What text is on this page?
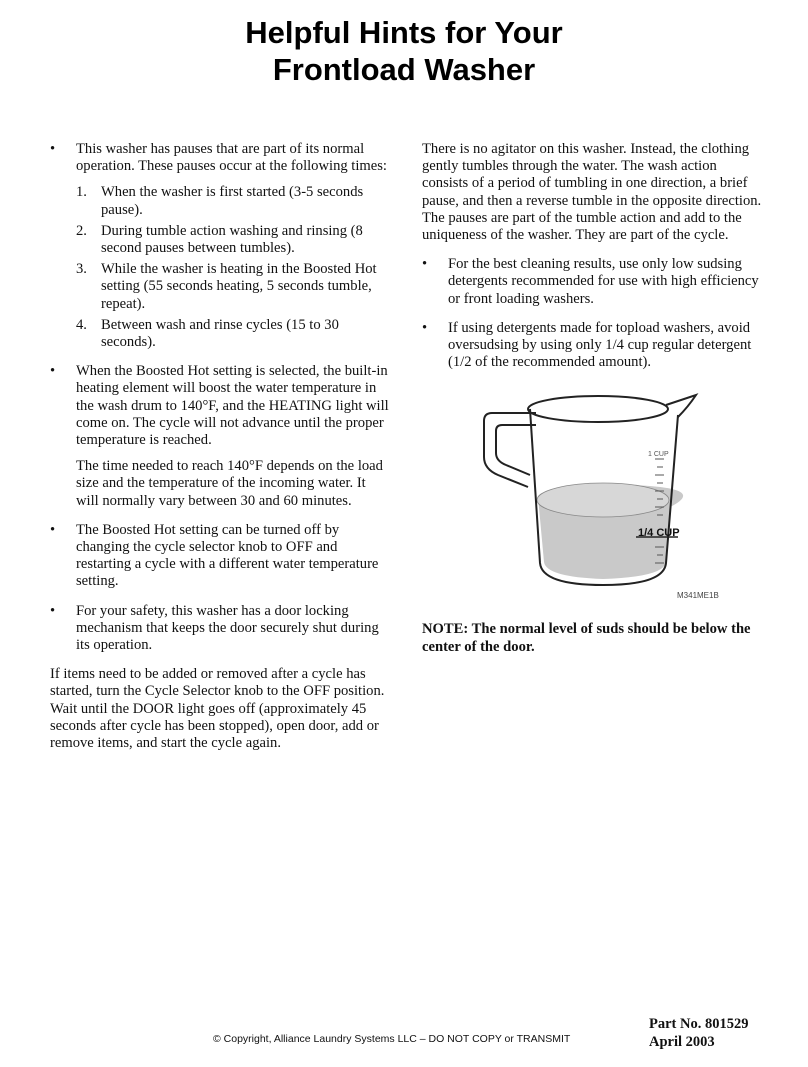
Helpful Hints for Your
Frontload Washer
• This washer has pauses that are part of its normal operation. These pauses occur at the following times:

1. When the washer is first started (3-5 seconds pause).
2. During tumble action washing and rinsing (8 second pauses between tumbles).
3. While the washer is heating in the Boosted Hot setting (55 seconds heating, 5 seconds tumble, repeat).
4. Between wash and rinse cycles (15 to 30 seconds).
• When the Boosted Hot setting is selected, the built-in heating element will boost the water temperature in the wash drum to 140°F, and the HEATING light will come on. The cycle will not advance until the proper temperature is reached.

The time needed to reach 140°F depends on the load size and the temperature of the incoming water. It will normally vary between 30 and 60 minutes.

• The Boosted Hot setting can be turned off by changing the cycle selector knob to OFF and restarting a cycle with a different water temperature setting.

• For your safety, this washer has a door locking mechanism that keeps the door securely shut during its operation.

If items need to be added or removed after a cycle has started, turn the Cycle Selector knob to the OFF position. Wait until the DOOR light goes off (approximately 45 seconds after cycle has been stopped), open door, add or remove items, and start the cycle again.

There is no agitator on this washer. Instead, the clothing gently tumbles through the water. The wash action consists of a period of tumbling in one direction, a brief pause, and then a reverse tumble in the opposite direction. The pauses are part of the tumble action and add to the uniqueness of the washer. They are part of the cycle.

• For the best cleaning results, use only low sudsing detergents recommended for use with high efficiency or front loading washers.

• If using detergents made for topload washers, avoid oversudsing by using only 1/4 cup regular detergent (1/2 of the recommended amount).

1 CUP
1/4 CUP
M341ME1B

NOTE: The normal level of suds should be below the center of the door.

© Copyright, Alliance Laundry Systems LLC – DO NOT COPY or TRANSMIT
Part No. 801529
April 2003
